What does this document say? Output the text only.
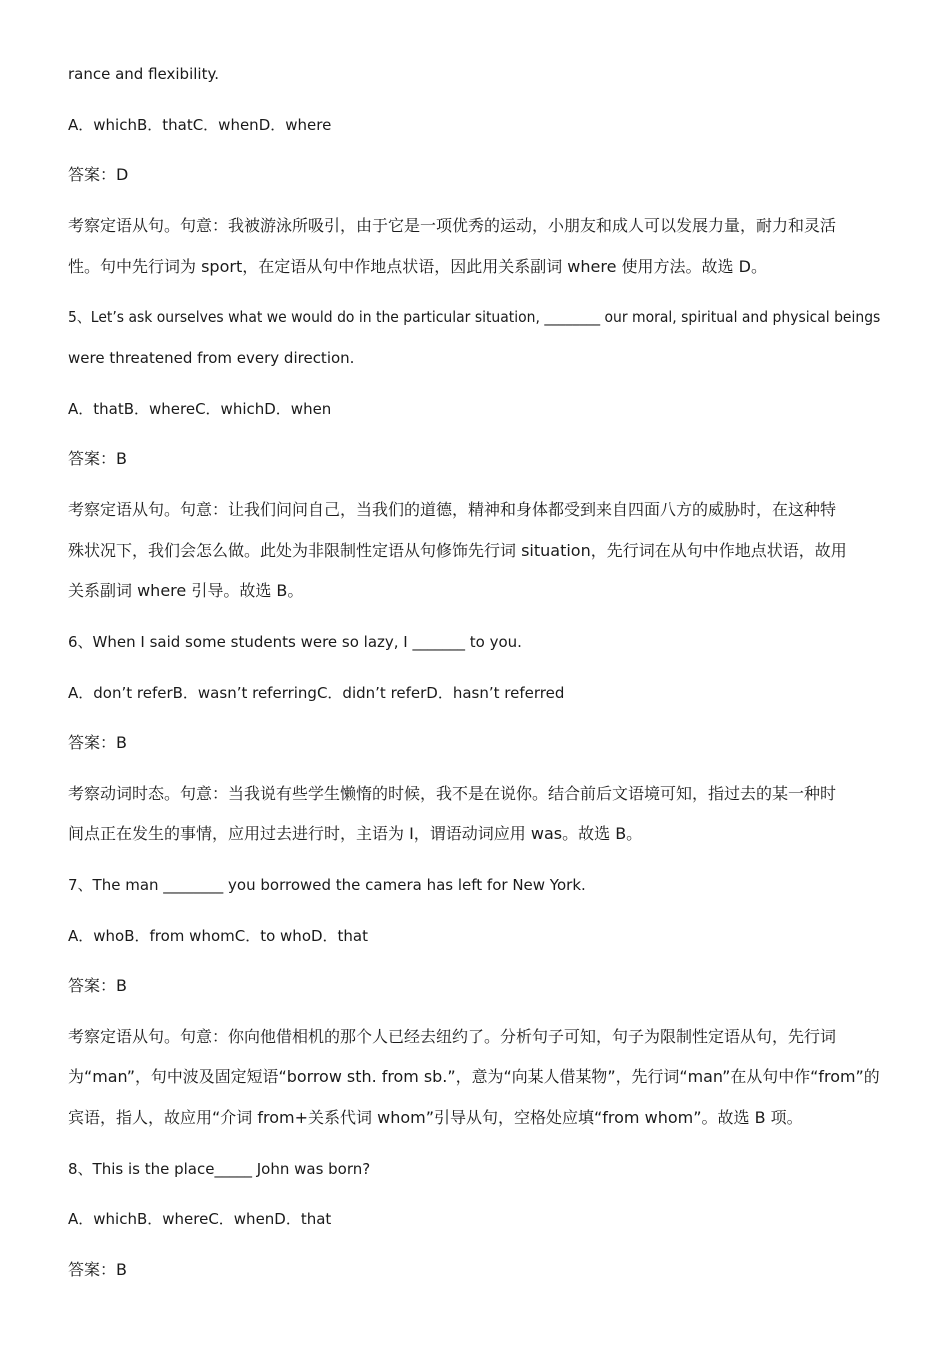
rance and flexibility.
A．whichB．thatC．whenD．where
答案：D
考察定语从句。句意：我被游泳所吸引，由于它是一项优秀的运动，小朋友和成人可以发展力量，耐力和灵活
性。句中先行词为 sport，在定语从句中作地点状语，因此用关系副词 where 使用方法。故选 D。
5、Let’s ask ourselves what we would do in the particular situation, ________ our moral, spiritual and physical beings
were threatened from every direction.
A．thatB．whereC．whichD．when
答案：B
考察定语从句。句意：让我们问问自己，当我们的道德，精神和身体都受到来自四面八方的威胁时，在这种特
殊状况下，我们会怎么做。此处为非限制性定语从句修饰先行词 situation，先行词在从句中作地点状语，故用
关系副词 where 引导。故选 B。
6、When I said some students were so lazy, I _______ to you.
A．don’t referB．wasn’t referringC．didn’t referD．hasn’t referred
答案：B
考察动词时态。句意：当我说有些学生懒惰的时候，我不是在说你。结合前后文语境可知，指过去的某一种时
间点正在发生的事情，应用过去进行时，主语为 I，谓语动词应用 was。故选 B。
7、The man ________ you borrowed the camera has left for New York.
A．whoB．from whomC．to whoD．that
答案：B
考察定语从句。句意：你向他借相机的那个人已经去纽约了。分析句子可知，句子为限制性定语从句，先行词
为“man”，句中波及固定短语“borrow sth. from sb.”，意为“向某人借某物”，先行词“man”在从句中作“from”的
宾语，指人，故应用“介词 from+关系代词 whom”引导从句，空格处应填“from whom”。故选 B 项。
8、This is the place_____ John was born?
A．whichB．whereC．whenD．that
答案：B
